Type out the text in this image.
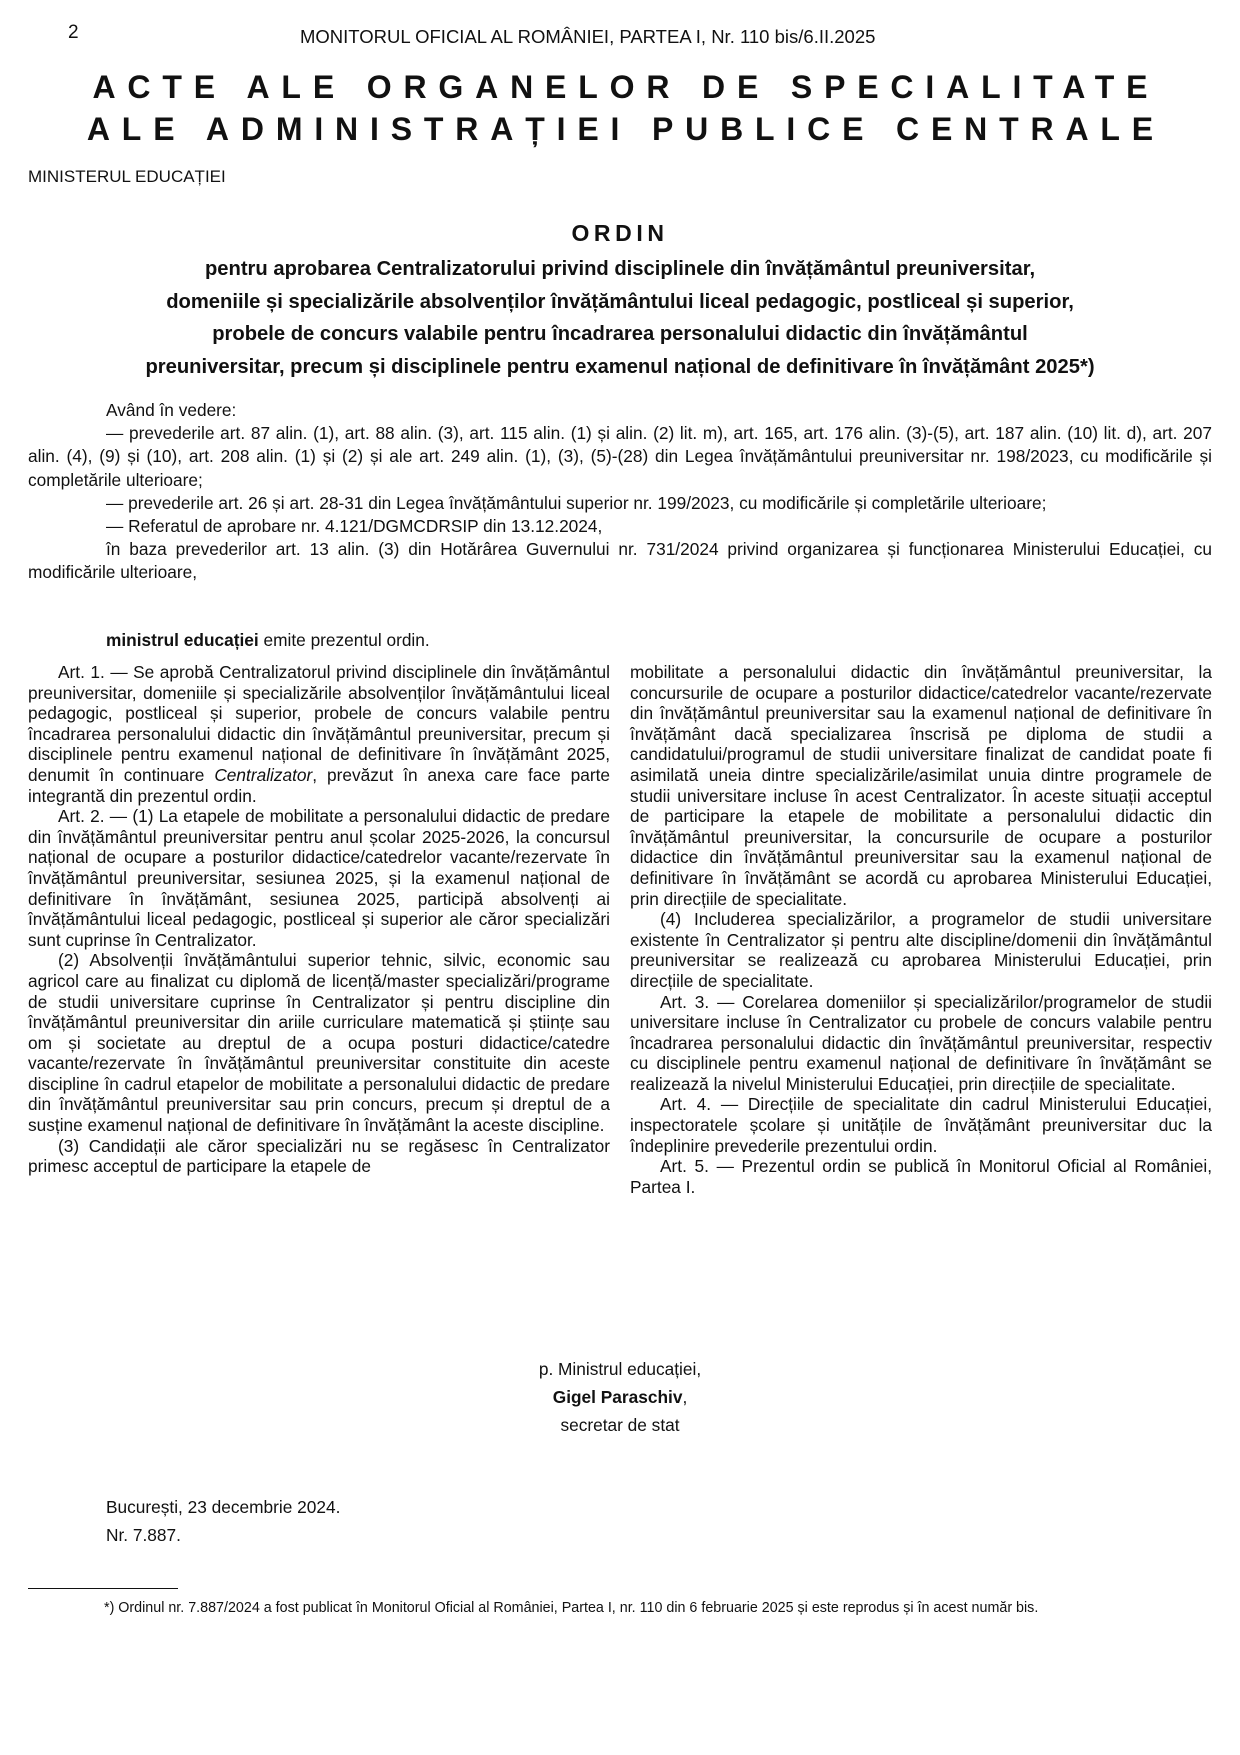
2	MONITORUL OFICIAL AL ROMÂNIEI, PARTEA I, Nr. 110 bis/6.II.2025
ACTE ALE ORGANELOR DE SPECIALITATE
ALE ADMINISTRAȚIEI PUBLICE CENTRALE
MINISTERUL EDUCAȚIEI
ORDIN
pentru aprobarea Centralizatorului privind disciplinele din învățământul preuniversitar,
domeniile și specializările absolvenților învățământului liceal pedagogic, postliceal și superior,
probele de concurs valabile pentru încadrarea personalului didactic din învățământul
preuniversitar, precum și disciplinele pentru examenul național de definitivare în învățământ 2025*)

Având în vedere:

— prevederile art. 87 alin. (1), art. 88 alin. (3), art. 115 alin. (1) și alin. (2) lit. m), art. 165, art. 176 alin. (3)-(5), art. 187 alin. (10) lit. d), art. 207 alin. (4), (9) și (10), art. 208 alin. (1) și (2) și ale art. 249 alin. (1), (3), (5)-(28) din Legea învățământului preuniversitar nr. 198/2023, cu modificările și completările ulterioare;

— prevederile art. 26 și art. 28-31 din Legea învățământului superior nr. 199/2023, cu modificările și completările ulterioare;

— Referatul de aprobare nr. 4.121/DGMCDRSIP din 13.12.2024,

în baza prevederilor art. 13 alin. (3) din Hotărârea Guvernului nr. 731/2024 privind organizarea și funcționarea Ministerului Educației, cu modificările ulterioare,

ministrul educației emite prezentul ordin.

Art. 1. — Se aprobă Centralizatorul privind disciplinele din învățământul preuniversitar, domeniile și specializările absolvenților învățământului liceal pedagogic, postliceal și superior, probele de concurs valabile pentru încadrarea personalului didactic din învățământul preuniversitar, precum și disciplinele pentru examenul național de definitivare în învățământ 2025, denumit în continuare Centralizator, prevăzut în anexa care face parte integrantă din prezentul ordin.

Art. 2. — (1) La etapele de mobilitate a personalului didactic de predare din învățământul preuniversitar pentru anul școlar 2025-2026, la concursul național de ocupare a posturilor didactice/catedrelor vacante/rezervate în învățământul preuniversitar, sesiunea 2025, și la examenul național de definitivare în învățământ, sesiunea 2025, participă absolvenți ai învățământului liceal pedagogic, postliceal și superior ale căror specializări sunt cuprinse în Centralizator.

(2) Absolvenții învățământului superior tehnic, silvic, economic sau agricol care au finalizat cu diplomă de licență/master specializări/programe de studii universitare cuprinse în Centralizator și pentru discipline din învățământul preuniversitar din ariile curriculare matematică și științe sau om și societate au dreptul de a ocupa posturi didactice/catedre vacante/rezervate în învățământul preuniversitar constituite din aceste discipline în cadrul etapelor de mobilitate a personalului didactic de predare din învățământul preuniversitar sau prin concurs, precum și dreptul de a susține examenul național de definitivare în învățământ la aceste discipline.

(3) Candidații ale căror specializări nu se regăsesc în Centralizator primesc acceptul de participare la etapele de

mobilitate a personalului didactic din învățământul preuniversitar, la concursurile de ocupare a posturilor didactice/catedrelor vacante/rezervate din învățământul preuniversitar sau la examenul național de definitivare în învățământ dacă specializarea înscrisă pe diploma de studii a candidatului/programul de studii universitare finalizat de candidat poate fi asimilată uneia dintre specializările/asimilat unuia dintre programele de studii universitare incluse în acest Centralizator. În aceste situații acceptul de participare la etapele de mobilitate a personalului didactic din învățământul preuniversitar, la concursurile de ocupare a posturilor didactice din învățământul preuniversitar sau la examenul național de definitivare în învățământ se acordă cu aprobarea Ministerului Educației, prin direcțiile de specialitate.

(4) Includerea specializărilor, a programelor de studii universitare existente în Centralizator și pentru alte discipline/domenii din învățământul preuniversitar se realizează cu aprobarea Ministerului Educației, prin direcțiile de specialitate.

Art. 3. — Corelarea domeniilor și specializărilor/programelor de studii universitare incluse în Centralizator cu probele de concurs valabile pentru încadrarea personalului didactic din învățământul preuniversitar, respectiv cu disciplinele pentru examenul național de definitivare în învățământ se realizează la nivelul Ministerului Educației, prin direcțiile de specialitate.

Art. 4. — Direcțiile de specialitate din cadrul Ministerului Educației, inspectoratele școlare și unitățile de învățământ preuniversitar duc la îndeplinire prevederile prezentului ordin.

Art. 5. — Prezentul ordin se publică în Monitorul Oficial al României, Partea I.

p. Ministrul educației,
Gigel Paraschiv,
secretar de stat
București, 23 decembrie 2024.
Nr. 7.887.
*) Ordinul nr. 7.887/2024 a fost publicat în Monitorul Oficial al României, Partea I, nr. 110 din 6 februarie 2025 și este reprodus și în acest număr bis.
